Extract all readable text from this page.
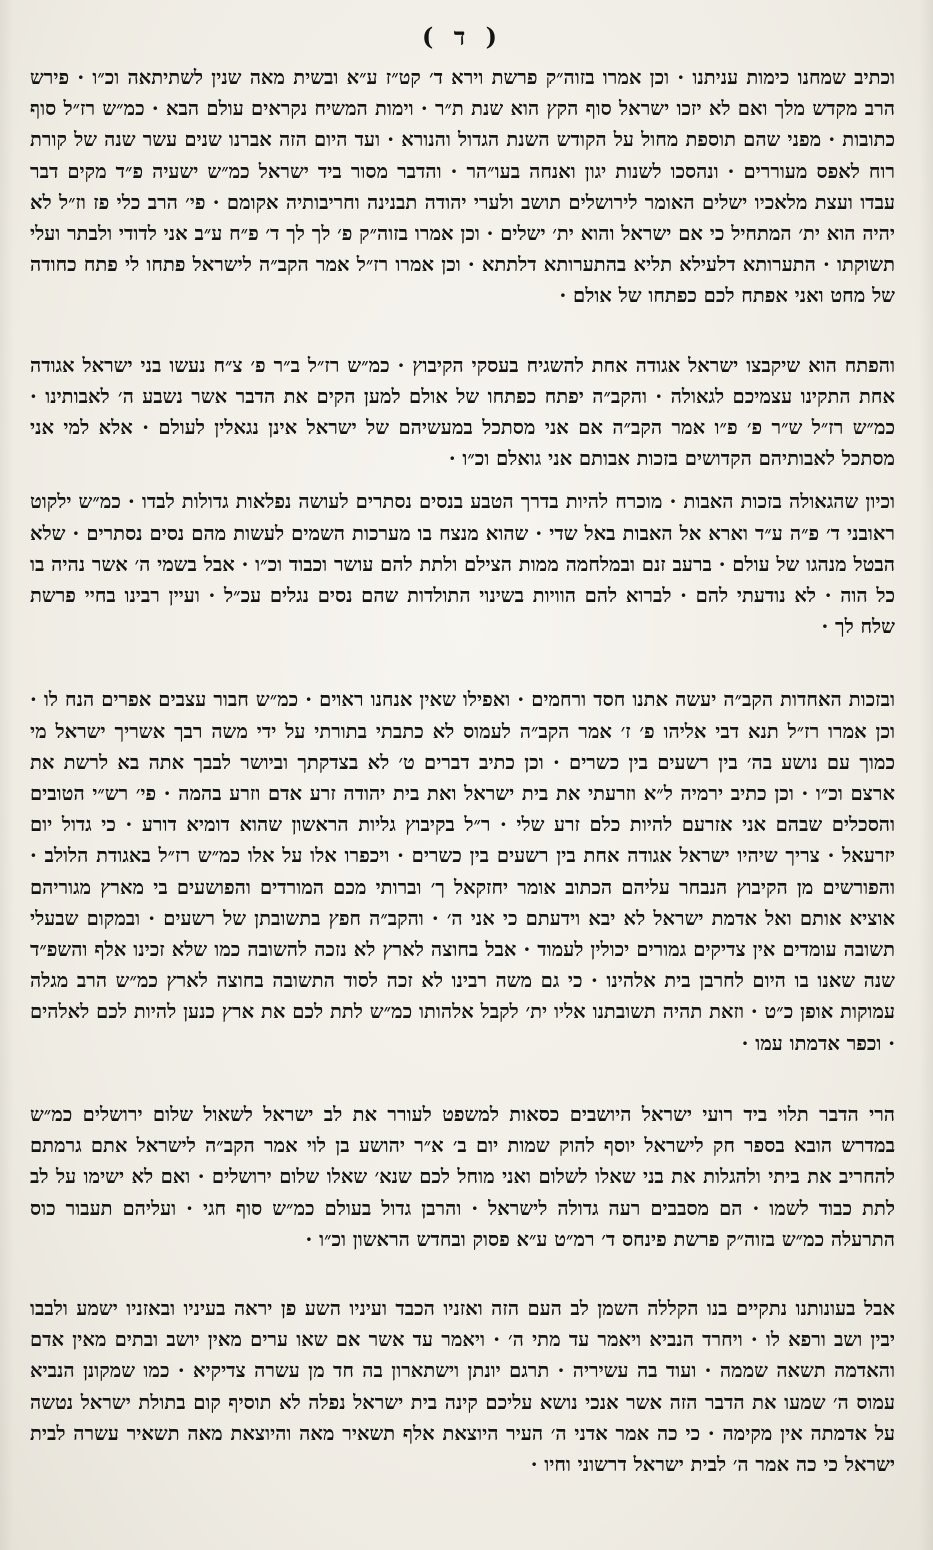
( ד )

וכתיב שמחנו כימות עניתנו · וכן אמרו בזוה״ק פרשת וירא ד׳ קט״ז ע״א ובשית מאה שנין לשתיתאה וכ״ו · פירש הרב מקדש מלך ואם לא יזכו ישראל סוף הקץ הוא שנת ת״ר · וימות המשיח נקראים עולם הבא · כמ״ש רז״ל סוף כתובות · מפני שהם תוספת מחול על הקודש השנת הגדול והנורא · ועד היום הזה אברנו שנים עשר שנה של קורת רוח לאפס מעוררים · ונהסכו לשנות יגון ואנחה בעו״הר · והדבר מסור ביד ישראל כמ״ש ישעיה פ״ד מקים דבר עבדו ועצת מלאכיו ישלים האומר לירושלים תושב ולערי יהודה תבנינה וחריבותיה אקומם · פי׳ הרב כלי פז וז״ל לא יהיה הוא ית׳ המתחיל כי אם ישראל והוא ית׳ ישלים · וכן אמרו בזוה״ק פ׳ לך לך ד׳ פ״ח ע״ב אני לדודי ולבתר ועלי תשוקתו · התערותא דלעילא תליא בהתערותא דלתתא · וכן אמרו רז״ל אמר הקב״ה לישראל פתחו לי פתח כחודה של מחט ואני אפתח לכם כפתחו של אולם ·

והפתח הוא שיקבצו ישראל אגודה אחת להשגיח בעסקי הקיבוץ · כמ״ש רז״ל ב״ר פ׳ צ״ח נעשו בני ישראל אגודה אחת התקינו עצמיכם לגאולה · והקב״ה יפתח כפתחו של אולם למען הקים את הדבר אשר נשבע ה׳ לאבותינו · כמ״ש רז״ל ש״ר פ׳ פ״ו אמר הקב״ה אם אני מסתכל במעשיהם של ישראל אינן נגאלין לעולם · אלא למי אני מסתכל לאבותיהם הקדושים בזכות אבותם אני גואלם וכ״ו ·

וכיון שהגאולה בזכות האבות · מוכרח להיות בדרך הטבע בנסים נסתרים לעושה נפלאות גדולות לבדו · כמ״ש ילקוט ראובני ד׳ פ״ה ע״ד וארא אל האבות באל שדי · שהוא מנצח בו מערכות השמים לעשות מהם נסים נסתרים · שלא הבטל מנהגו של עולם · ברעב זנם ובמלחמה ממות הצילם ולתת להם עושר וכבוד וכ״ו · אבל בשמי ה׳ אשר נהיה בו כל הוה · לא נודעתי להם · לברוא להם הוויות בשינוי התולדות שהם נסים נגלים עכ״ל · ועיין רבינו בחיי פרשת שלח לך ·

ובזכות האחדות הקב״ה יעשה אתנו חסד ורחמים · ואפילו שאין אנחנו ראוים · כמ״ש חבור עצבים אפרים הנח לו · וכן אמרו רז״ל תנא דבי אליהו פ׳ ז׳ אמר הקב״ה לעמוס לא כתבתי בתורתי על ידי משה רבך אשריך ישראל מי כמוך עם נושע בה׳ בין רשעים בין כשרים · וכן כתיב דברים ט׳ לא בצדקתך וביושר לבבך אתה בא לרשת את ארצם וכ״ו · וכן כתיב ירמיה ל״א וזרעתי את בית ישראל ואת בית יהודה זרע אדם וזרע בהמה · פי׳ רש״י הטובים והסכלים שבהם אני אזרעם להיות כלם זרע שלי · ר״ל בקיבוץ גליות הראשון שהוא דומיא דורע · כי גדול יום יזרעאל · צריך שיהיו ישראל אגודה אחת בין רשעים בין כשרים · ויכפרו אלו על אלו כמ״ש רז״ל באגודת הלולב · והפורשים מן הקיבוץ הנבחר עליהם הכתוב אומר יחזקאל ך׳ וברותי מכם המורדים והפושעים בי מארץ מגוריהם אוציא אותם ואל אדמת ישראל לא יבא וידעתם כי אני ה׳ · והקב״ה חפץ בתשובתן של רשעים · ובמקום שבעלי תשובה עומדים אין צדיקים גמורים יכולין לעמוד · אבל בחוצה לארץ לא נזכה להשובה כמו שלא זכינו אלף והשפ״ד שנה שאנו בו היום לחרבן בית אלהינו · כי גם משה רבינו לא זכה לסוד התשובה בחוצה לארץ כמ״ש הרב מגלה עמוקות אופן כ״ט · וזאת תהיה תשובתנו אליו ית׳ לקבל אלהותו כמ״ש לתת לכם את ארץ כנען להיות לכם לאלהים · וכפר אדמתו עמו ·

הרי הדבר תלוי ביד רועי ישראל היושבים כסאות למשפט לעורר את לב ישראל לשאול שלום ירושלים כמ״ש במדרש הובא בספר חק לישראל יוסף להוק שמות יום ב׳ א״ר יהושע בן לוי אמר הקב״ה לישראל אתם גרמתם להחריב את ביתי ולהגלות את בני שאלו לשלום ואני מוחל לכם שנא׳ שאלו שלום ירושלים · ואם לא ישימו על לב לתת כבוד לשמו · הם מסבבים רעה גדולה לישראל · והרבן גדול בעולם כמ״ש סוף חגי · ועליהם תעבור כוס התרעלה כמ״ש בזוה״ק פרשת פינחס ד׳ רמ״ט ע״א פסוק ובחדש הראשון וכ״ו ·

אבל בעונותנו נתקיים בנו הקללה השמן לב העם הזה ואזניו הכבד ועיניו השע פן יראה בעיניו ובאזניו ישמע ולבבו יבין ושב ורפא לו · ויחרד הנביא ויאמר עד מתי ה׳ · ויאמר עד אשר אם שאו ערים מאין יושב ובתים מאין אדם והאדמה תשאה שממה · ועוד בה עשיריה · תרגם יונתן וישתארון בה חד מן עשרה צדיקיא · כמו שמקונן הנביא עמוס ה׳ שמעו את הדבר הזה אשר אנכי נושא עליכם קינה בית ישראל נפלה לא תוסיף קום בתולת ישראל נטשה על אדמתה אין מקימה · כי כה אמר אדני ה׳ העיר היוצאת אלף תשאיר מאה והיוצאת מאה תשאיר עשרה לבית ישראל כי כה אמר ה׳ לבית ישראל דרשוני וחיו ·
